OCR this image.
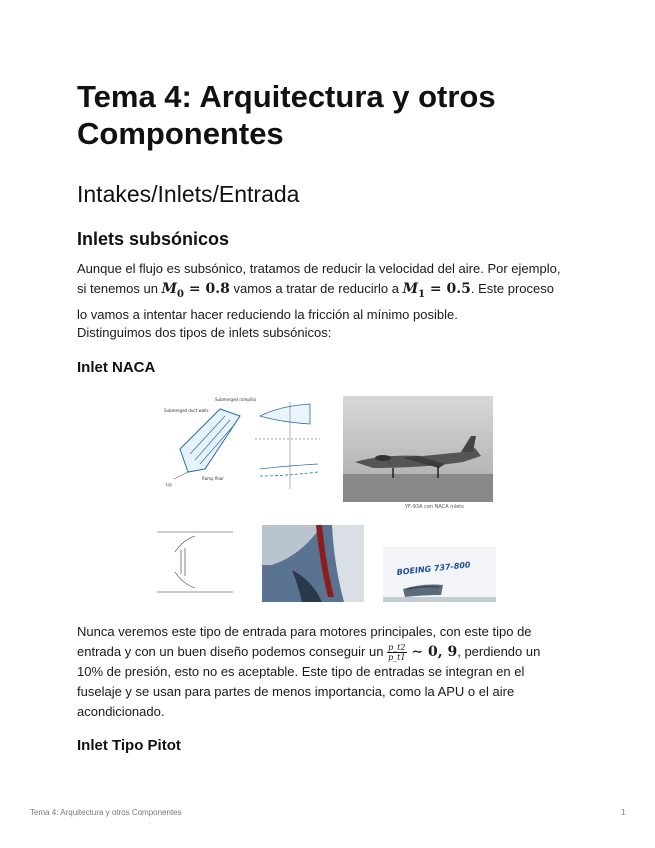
Tema 4: Arquitectura y otros Componentes
Intakes/Inlets/Entrada
Inlets subsónicos

Aunque el flujo es subsónico, tratamos de reducir la velocidad del aire. Por ejemplo, si tenemos un $M_0 = 0.8$ vamos a tratar de reducirlo a $M_1 = 0.5$. Este proceso lo vamos a intentar hacer reduciendo la fricción al mínimo posible.

Distinguimos dos tipos de inlets subsónicos:

Inlet NACA
Submerged duct walls
Submerged ramp/lip
Ramp floor
Lip
YF-93A con NACA inlets
BOEING 737-800

Nunca veremos este tipo de entrada para motores principales, con este tipo de entrada y con un buen diseño podemos conseguir un $\frac{p\_t2}{p\_t1}$ ∼ 0, 9, perdiendo un 10% de presión, esto no es aceptable. Este tipo de entradas se integran en el fuselaje y se usan para partes de menos importancia, como la APU o el aire acondicionado.

Inlet Tipo Pitot
Tema 4: Arquitectura y otros Componentes	1
